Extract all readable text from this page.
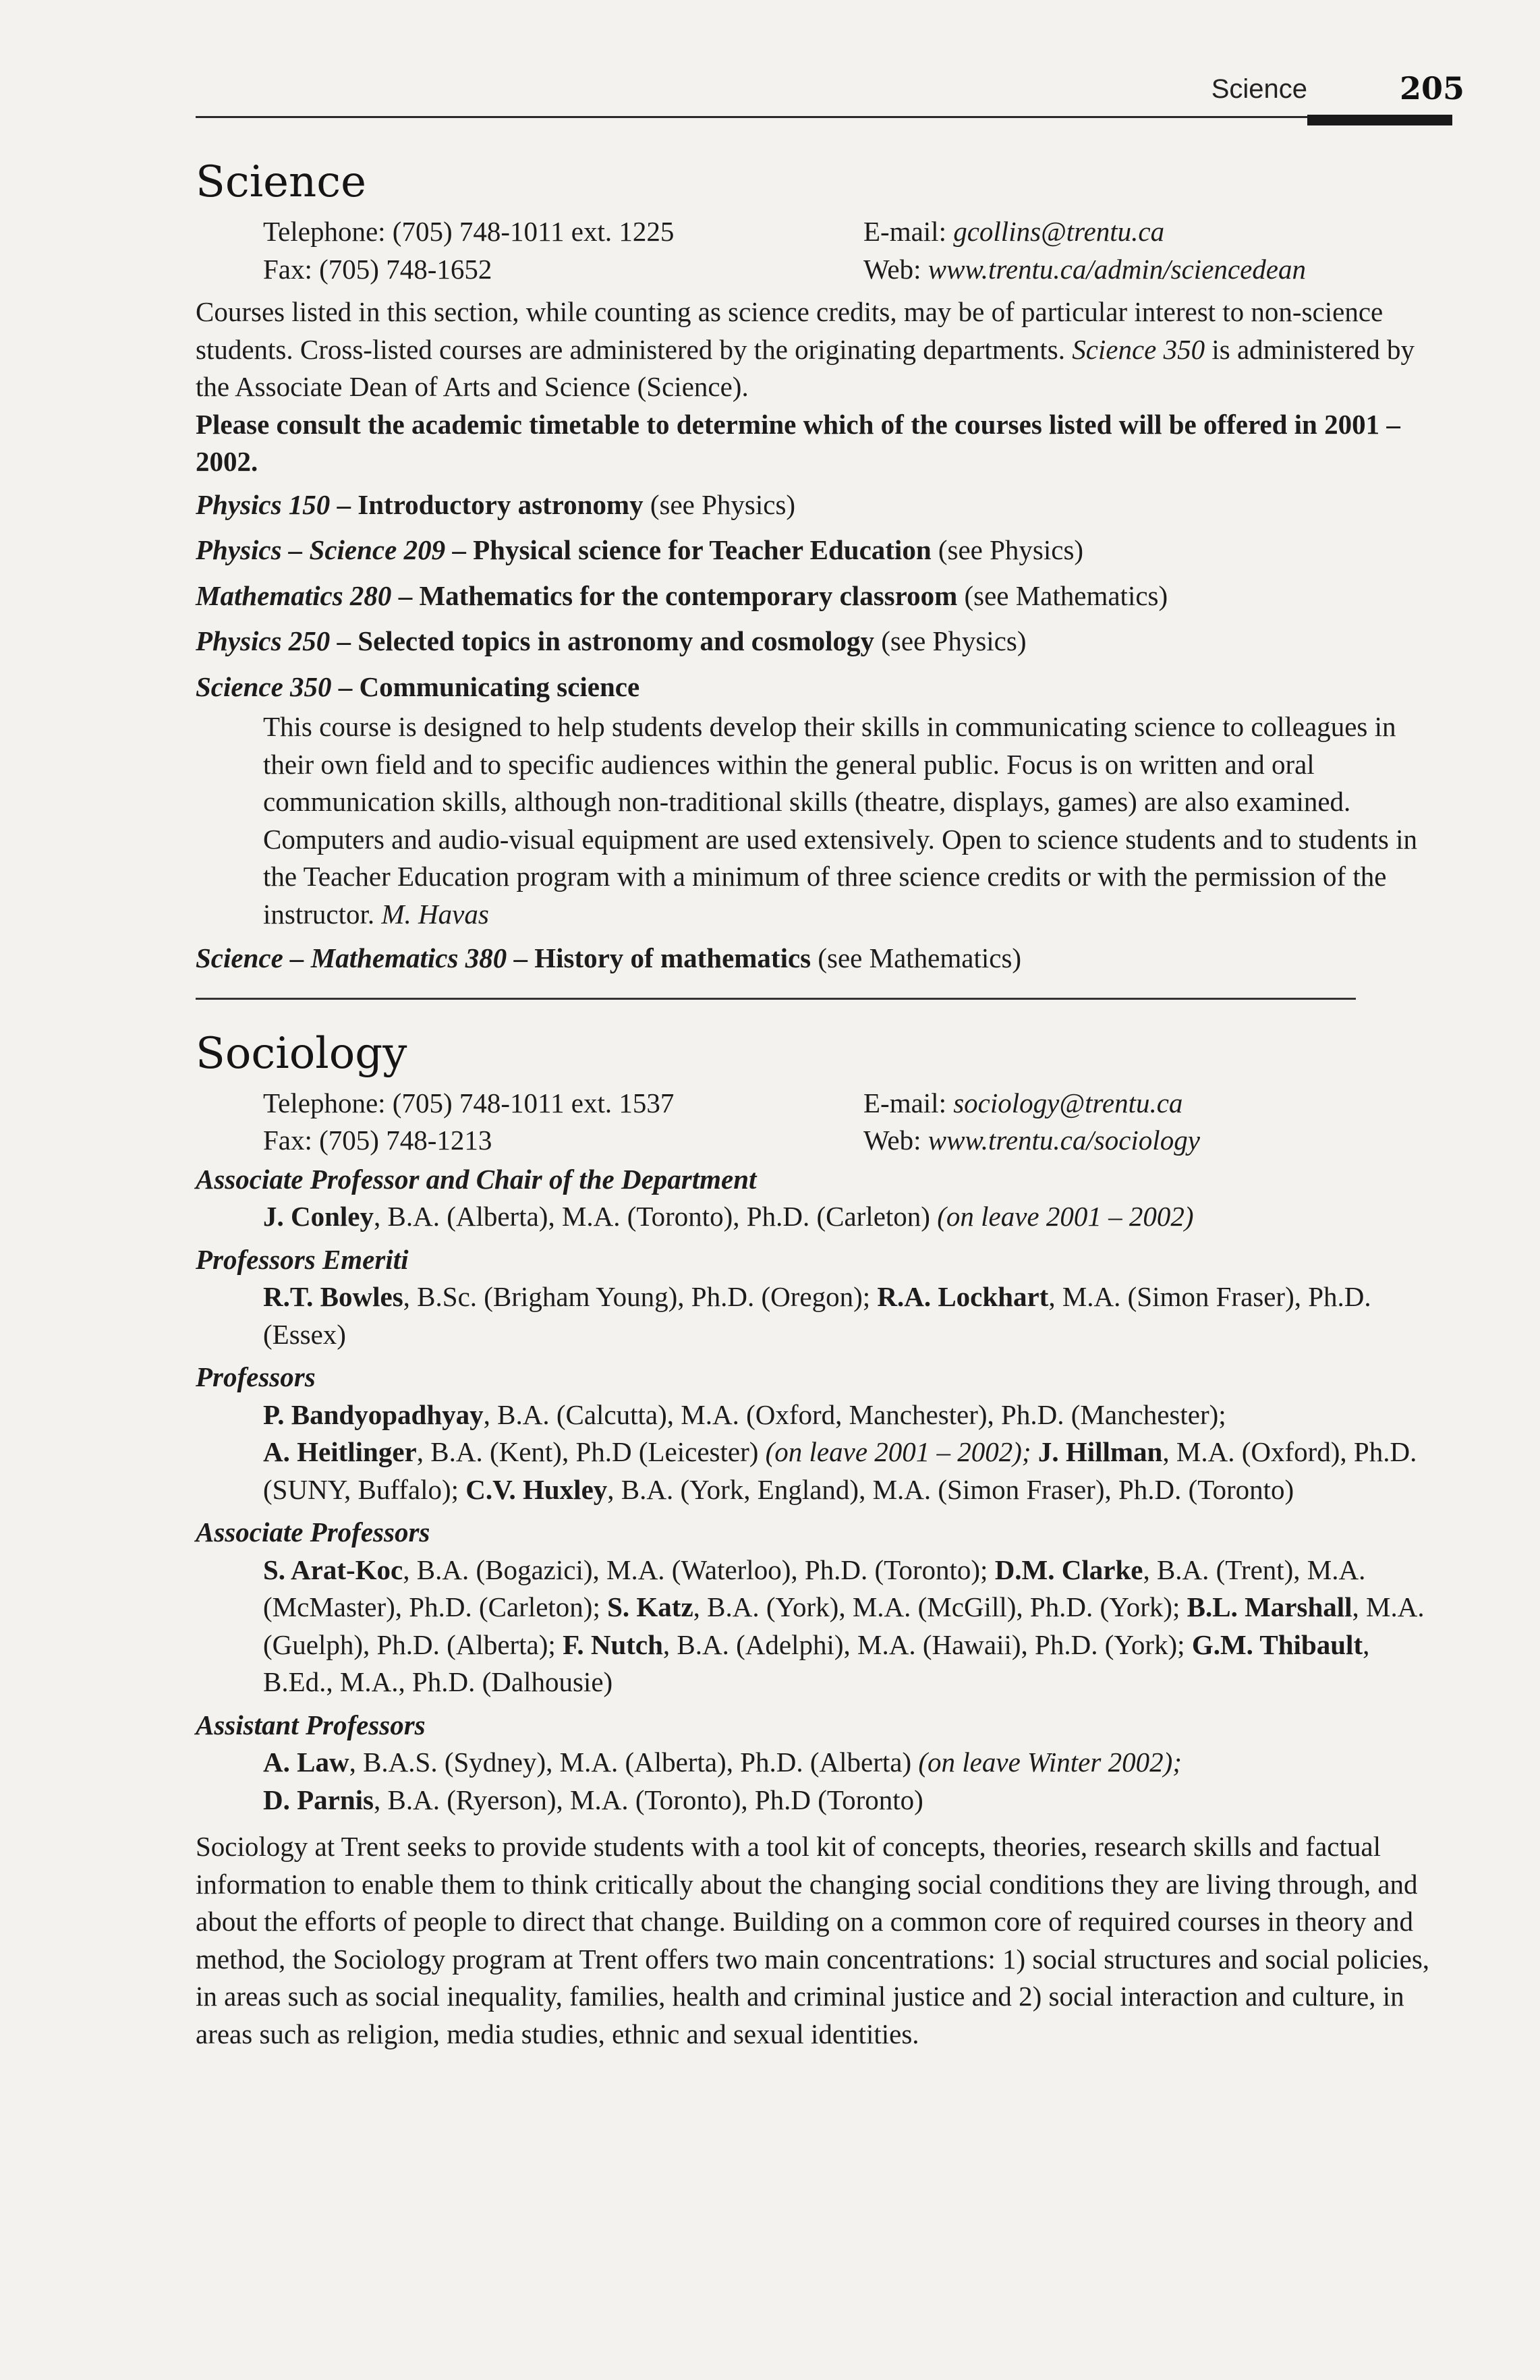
Science	205
Science
Telephone: (705) 748-1011 ext. 1225	E-mail: gcollins@trentu.ca
Fax: (705) 748-1652	Web: www.trentu.ca/admin/sciencedean

Courses listed in this section, while counting as science credits, may be of particular interest to non-science students. Cross-listed courses are administered by the originating departments. Science 350 is administered by the Associate Dean of Arts and Science (Science).

Please consult the academic timetable to determine which of the courses listed will be offered in 2001 – 2002.

Physics 150 – Introductory astronomy (see Physics)

Physics – Science 209 – Physical science for Teacher Education (see Physics)

Mathematics 280 – Mathematics for the contemporary classroom (see Mathematics)

Physics 250 – Selected topics in astronomy and cosmology (see Physics)

Science 350 – Communicating science

This course is designed to help students develop their skills in communicating science to colleagues in their own field and to specific audiences within the general public. Focus is on written and oral communication skills, although non-traditional skills (theatre, displays, games) are also examined. Computers and audio-visual equipment are used extensively. Open to science students and to students in the Teacher Education program with a minimum of three science credits or with the permission of the instructor. M. Havas

Science – Mathematics 380 – History of mathematics (see Mathematics)

Sociology
Telephone: (705) 748-1011 ext. 1537	E-mail: sociology@trentu.ca
Fax: (705) 748-1213	Web: www.trentu.ca/sociology

Associate Professor and Chair of the Department

J. Conley, B.A. (Alberta), M.A. (Toronto), Ph.D. (Carleton) (on leave 2001 – 2002)

Professors Emeriti

R.T. Bowles, B.Sc. (Brigham Young), Ph.D. (Oregon); R.A. Lockhart, M.A. (Simon Fraser), Ph.D. (Essex)

Professors

P. Bandyopadhyay, B.A. (Calcutta), M.A. (Oxford, Manchester), Ph.D. (Manchester);
A. Heitlinger, B.A. (Kent), Ph.D (Leicester) (on leave 2001 – 2002); J. Hillman, M.A. (Oxford), Ph.D. (SUNY, Buffalo); C.V. Huxley, B.A. (York, England), M.A. (Simon Fraser), Ph.D. (Toronto)

Associate Professors

S. Arat-Koc, B.A. (Bogazici), M.A. (Waterloo), Ph.D. (Toronto); D.M. Clarke, B.A. (Trent), M.A. (McMaster), Ph.D. (Carleton); S. Katz, B.A. (York), M.A. (McGill), Ph.D. (York); B.L. Marshall, M.A. (Guelph), Ph.D. (Alberta); F. Nutch, B.A. (Adelphi), M.A. (Hawaii), Ph.D. (York); G.M. Thibault, B.Ed., M.A., Ph.D. (Dalhousie)

Assistant Professors

A. Law, B.A.S. (Sydney), M.A. (Alberta), Ph.D. (Alberta) (on leave Winter 2002);
D. Parnis, B.A. (Ryerson), M.A. (Toronto), Ph.D (Toronto)

Sociology at Trent seeks to provide students with a tool kit of concepts, theories, research skills and factual information to enable them to think critically about the changing social conditions they are living through, and about the efforts of people to direct that change. Building on a common core of required courses in theory and method, the Sociology program at Trent offers two main concentrations: 1) social structures and social policies, in areas such as social inequality, families, health and criminal justice and 2) social interaction and culture, in areas such as religion, media studies, ethnic and sexual identities.
